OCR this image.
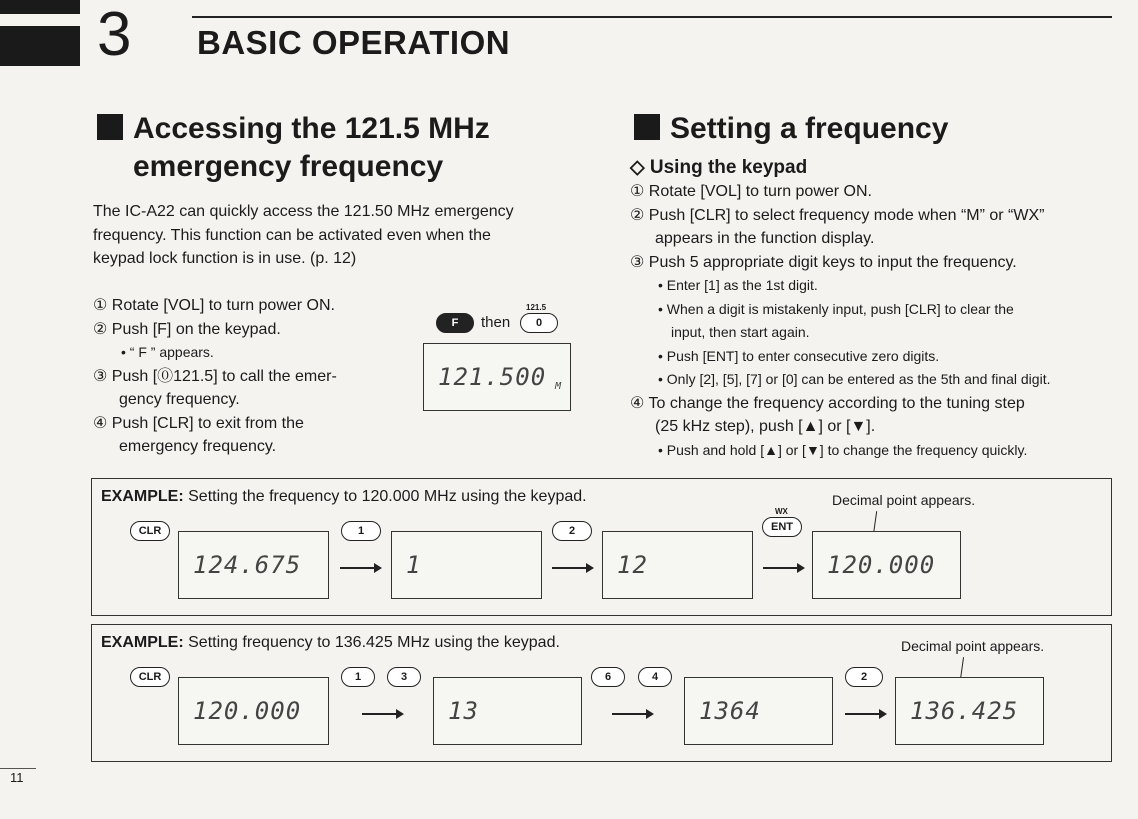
3 BASIC OPERATION
Accessing the 121.5 MHz
emergency frequency
The IC-A22 can quickly access the 121.50 MHz emergency
frequency. This function can be activated even when the
keypad lock function is in use. (p. 12)
① Rotate [VOL] to turn power ON.
② Push [F] on the keypad.
• “ F ” appears.
③ Push [⓪121.5] to call the emer-
gency frequency.
④ Push [CLR] to exit from the
emergency frequency.
F	then
121.5
0
121.500 M
Setting a frequency
◇ Using the keypad
① Rotate [VOL] to turn power ON.
② Push [CLR] to select frequency mode when “M” or “WX”
appears in the function display.
③ Push 5 appropriate digit keys to input the frequency.
• Enter [1] as the 1st digit.
• When a digit is mistakenly input, push [CLR] to clear the
input, then start again.
• Push [ENT] to enter consecutive zero digits.
• Only [2], [5], [7] or [0] can be entered as the 5th and final digit.
④ To change the frequency according to the tuning step
(25 kHz step), push [▲] or [▼].
• Push and hold [▲] or [▼] to change the frequency quickly.
EXAMPLE: Setting the frequency to 120.000 MHz using the keypad.	Decimal point appears.
CLR
124.675
1
1
2
12
WX
ENT
120.000
EXAMPLE: Setting frequency to 136.425 MHz using the keypad.	Decimal point appears.
CLR
120.000
1	3
13
6	4
1364
2
136.425
11
